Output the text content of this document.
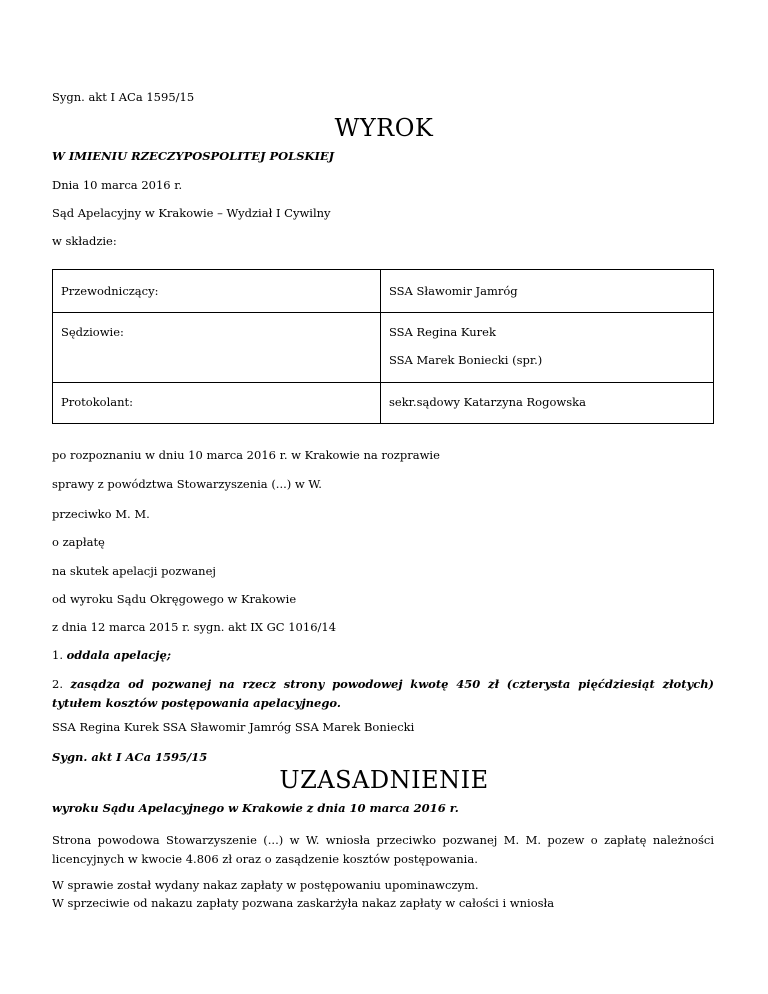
Sygn. akt I ACa 1595/15
WYROK
W IMIENIU RZECZYPOSPOLITEJ POLSKIEJ
Dnia 10 marca 2016 r.
Sąd Apelacyjny w Krakowie – Wydział I Cywilny
w składzie:
Przewodniczący:	SSA Sławomir Jamróg
Sędziowie:	SSA Regina Kurek
SSA Marek Boniecki (spr.)

Protokolant:	sekr.sądowy Katarzyna Rogowska
po rozpoznaniu w dniu 10 marca 2016 r. w Krakowie na rozprawie
sprawy z powództwa Stowarzyszenia (...) w W.
przeciwko M. M.
o zapłatę
na skutek apelacji pozwanej
od wyroku Sądu Okręgowego w Krakowie
z dnia 12 marca 2015 r. sygn. akt IX GC 1016/14
1. oddala apelację;
2. zasądza od pozwanej na rzecz strony powodowej kwotę 450 zł (czterysta pięćdziesiąt złotych) tytułem kosztów postępowania apelacyjnego.
SSA Regina Kurek SSA Sławomir Jamróg SSA Marek Boniecki
Sygn. akt I ACa 1595/15
UZASADNIENIE
wyroku Sądu Apelacyjnego w Krakowie z dnia 10 marca 2016 r.
Strona powodowa Stowarzyszenie (...) w W. wniosła przeciwko pozwanej M. M. pozew o zapłatę należności licencyjnych w kwocie 4.806 zł oraz o zasądzenie kosztów postępowania.
W sprawie został wydany nakaz zapłaty w postępowaniu upominawczym.
W sprzeciwie od nakazu zapłaty pozwana zaskarżyła nakaz zapłaty w całości i wniosła
